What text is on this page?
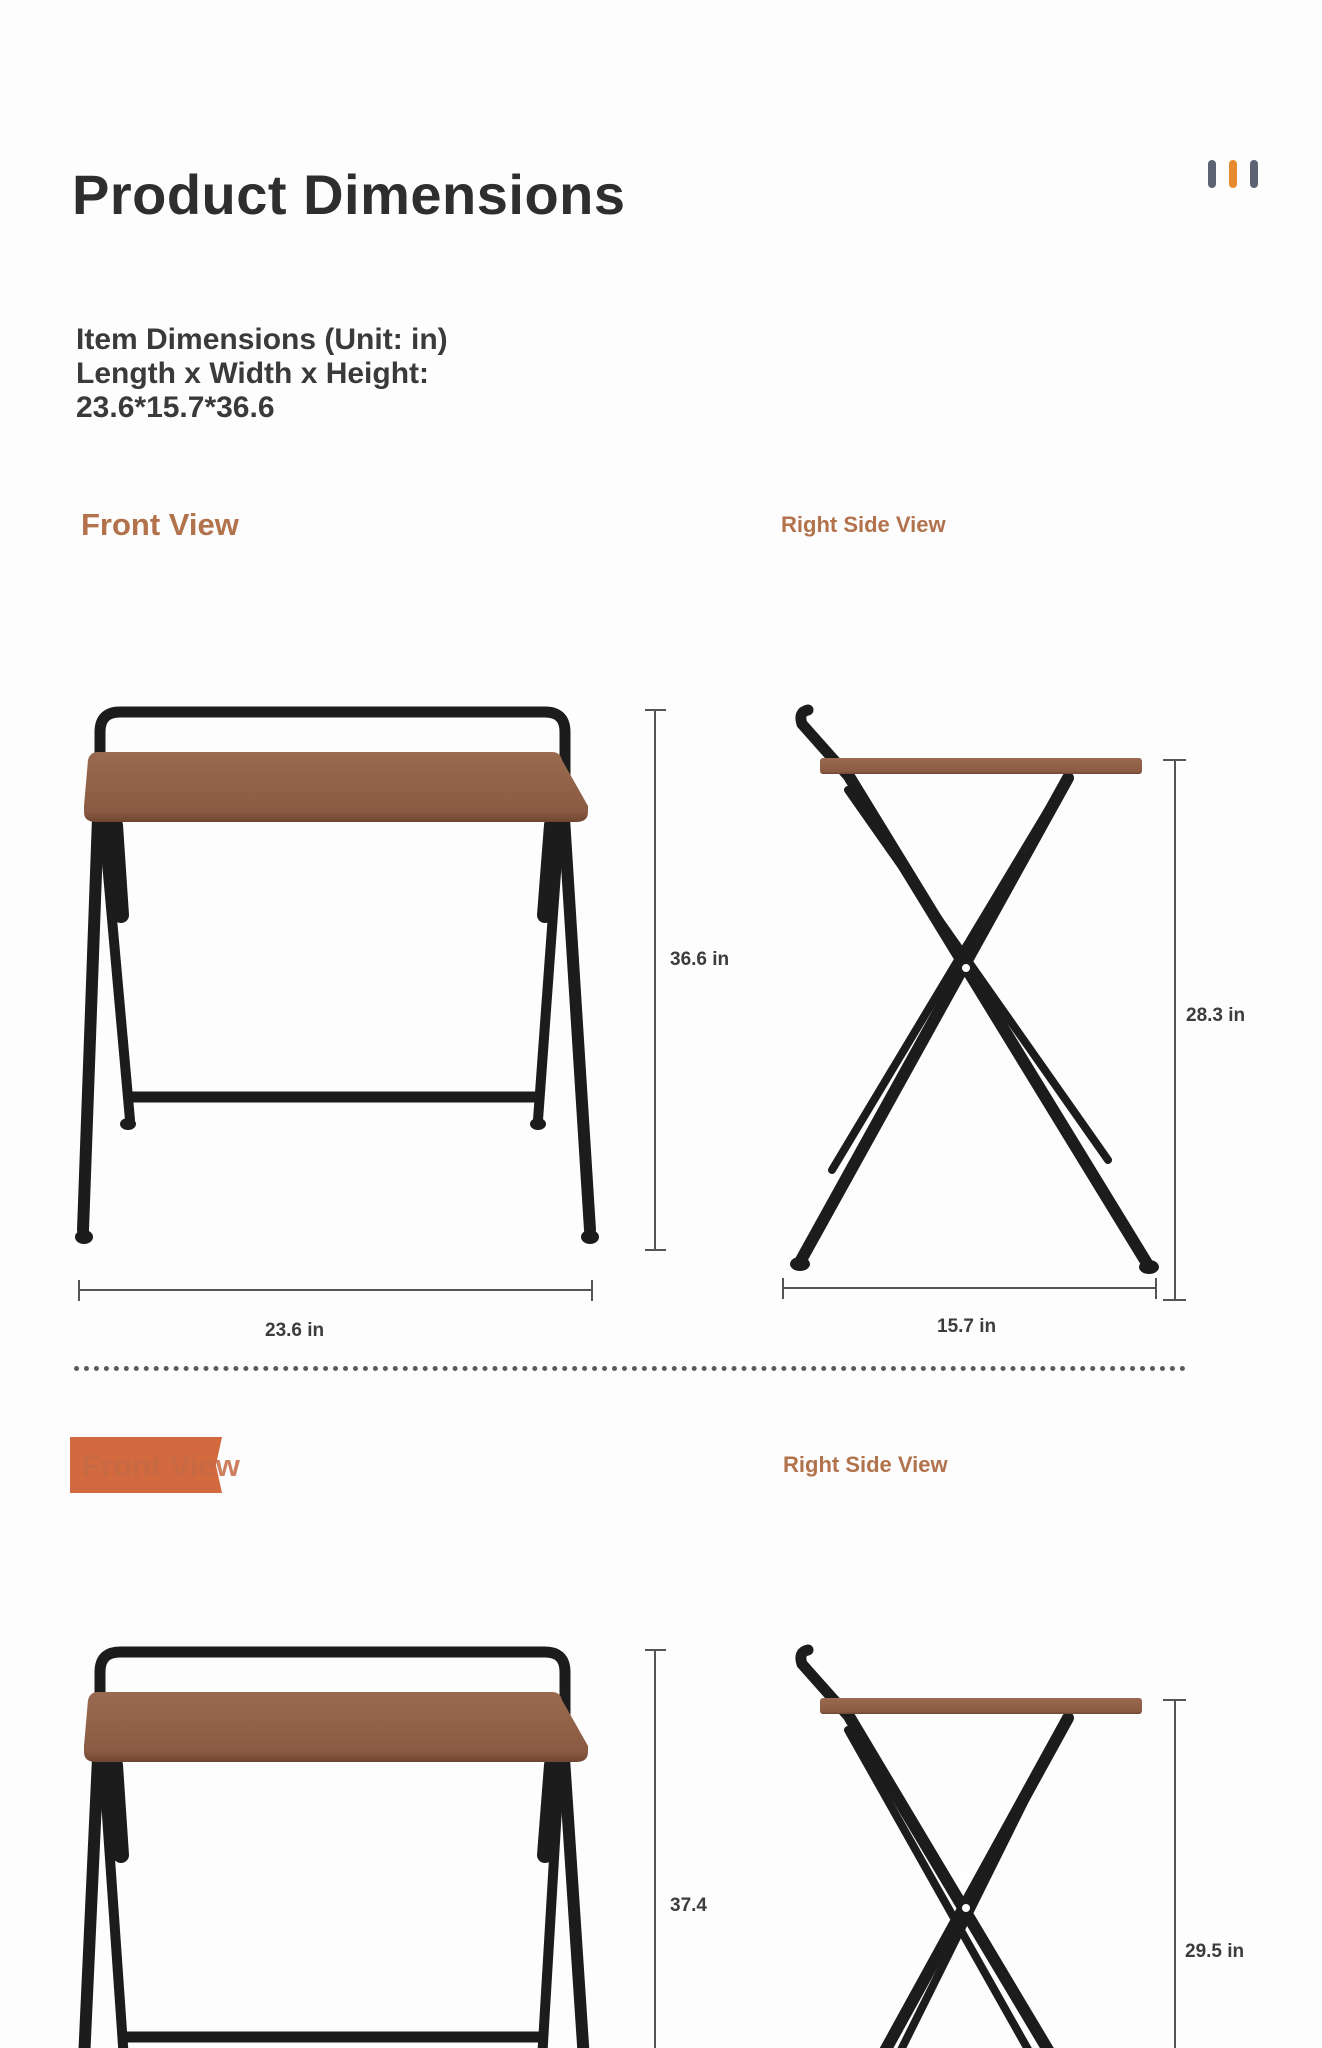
Product Dimensions
Item Dimensions (Unit: in)
Length x Width x Height:
23.6*15.7*36.6
Front View	Right Side View
36.6 in
23.6 in
28.3 in
15.7 in
Front View	Right Side View
37.4
29.5 in
